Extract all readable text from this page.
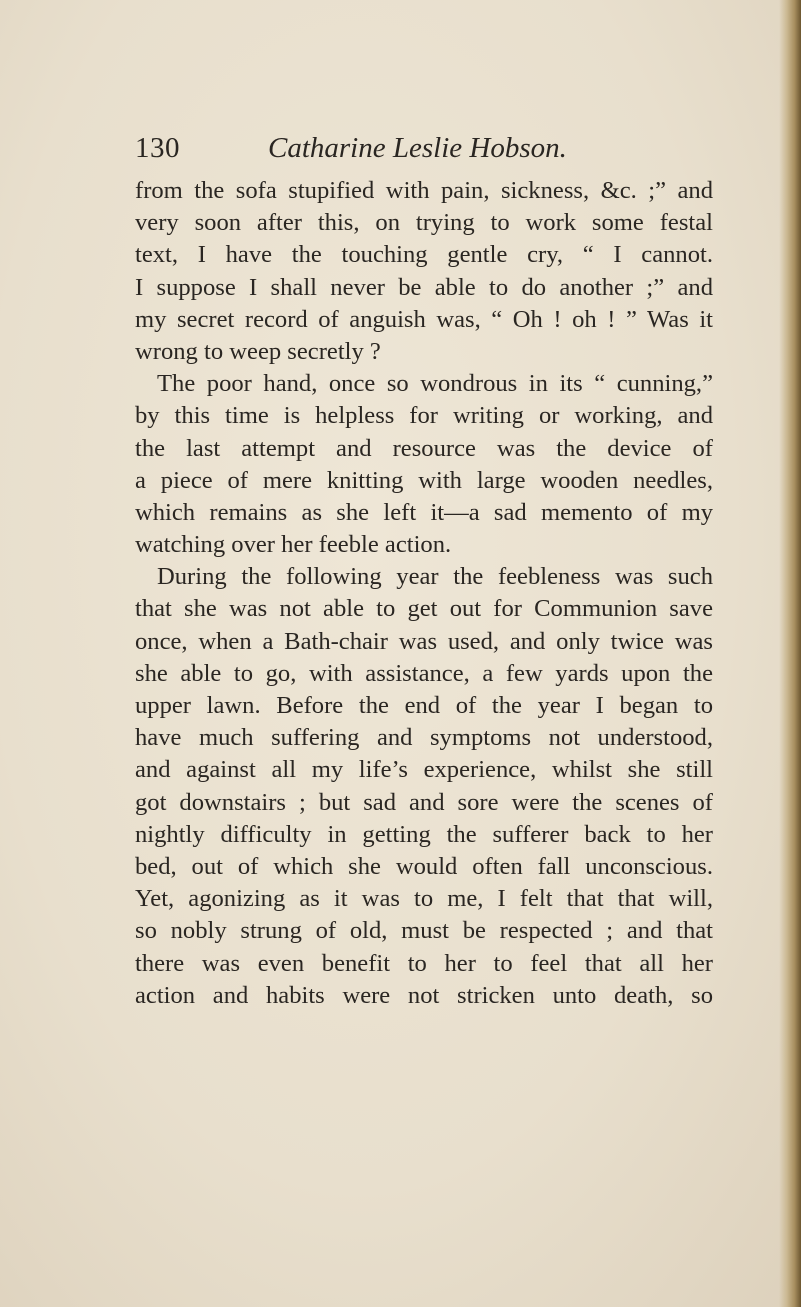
130	Catharine Leslie Hobson.
from the sofa stupified with pain, sickness, &c. ;” and
very soon after this, on trying to work some festal
text, I have the touching gentle cry, “ I cannot.
I suppose I shall never be able to do another ;” and
my secret record of anguish was, “ Oh ! oh ! ” Was it
wrong to weep secretly ?
The poor hand, once so wondrous in its “ cunning,”
by this time is helpless for writing or working, and
the last attempt and resource was the device of
a piece of mere knitting with large wooden needles,
which remains as she left it—a sad memento of my
watching over her feeble action.
During the following year the feebleness was such
that she was not able to get out for Communion save
once, when a Bath-chair was used, and only twice was
she able to go, with assistance, a few yards upon the
upper lawn. Before the end of the year I began to
have much suffering and symptoms not understood,
and against all my life’s experience, whilst she still
got downstairs ; but sad and sore were the scenes of
nightly difficulty in getting the sufferer back to her
bed, out of which she would often fall unconscious.
Yet, agonizing as it was to me, I felt that that will,
so nobly strung of old, must be respected ; and that
there was even benefit to her to feel that all her
action and habits were not stricken unto death, so
